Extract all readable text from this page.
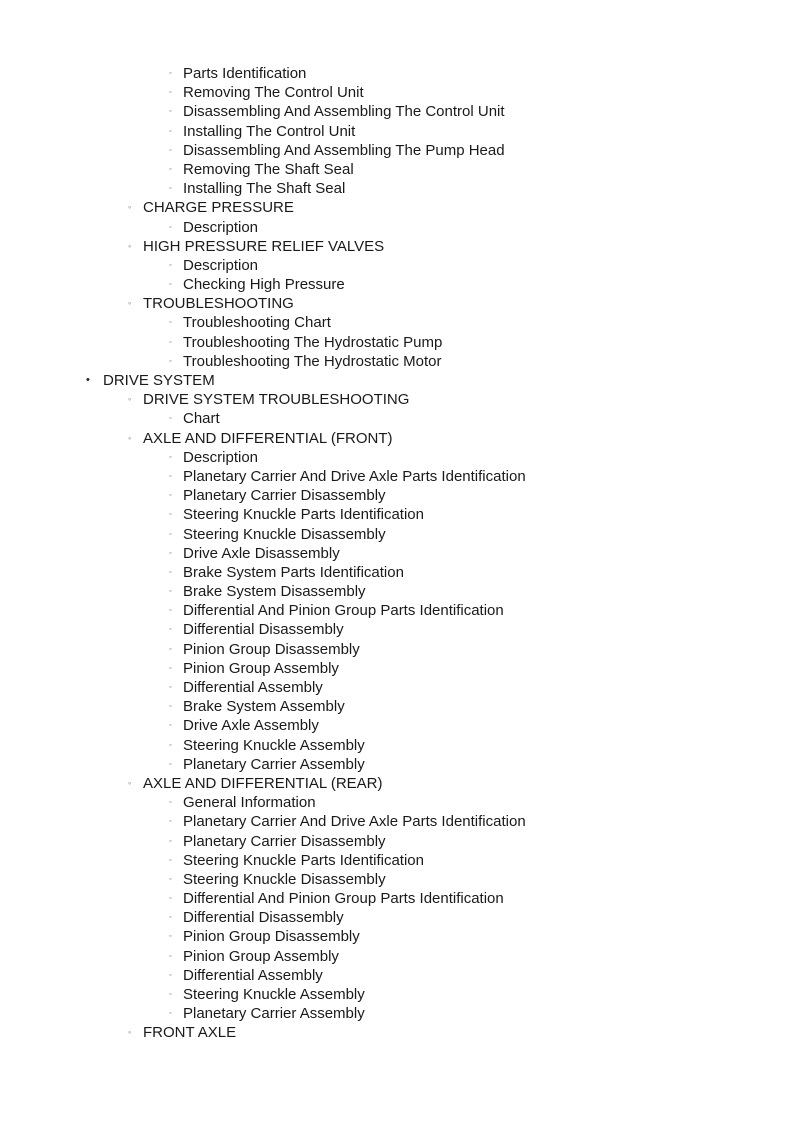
▫ Parts Identification
▫ Removing The Control Unit
▫ Disassembling And Assembling The Control Unit
▫ Installing The Control Unit
▫ Disassembling And Assembling The Pump Head
▫ Removing The Shaft Seal
▫ Installing The Shaft Seal
◦ CHARGE PRESSURE
▫ Description
◦ HIGH PRESSURE RELIEF VALVES
▫ Description
▫ Checking High Pressure
◦ TROUBLESHOOTING
▫ Troubleshooting Chart
▫ Troubleshooting The Hydrostatic Pump
▫ Troubleshooting The Hydrostatic Motor
• DRIVE SYSTEM
◦ DRIVE SYSTEM TROUBLESHOOTING
▫ Chart
◦ AXLE AND DIFFERENTIAL (FRONT)
▫ Description
▫ Planetary Carrier And Drive Axle Parts Identification
▫ Planetary Carrier Disassembly
▫ Steering Knuckle Parts Identification
▫ Steering Knuckle Disassembly
▫ Drive Axle Disassembly
▫ Brake System Parts Identification
▫ Brake System Disassembly
▫ Differential And Pinion Group Parts Identification
▫ Differential Disassembly
▫ Pinion Group Disassembly
▫ Pinion Group Assembly
▫ Differential Assembly
▫ Brake System Assembly
▫ Drive Axle Assembly
▫ Steering Knuckle Assembly
▫ Planetary Carrier Assembly
◦ AXLE AND DIFFERENTIAL (REAR)
▫ General Information
▫ Planetary Carrier And Drive Axle Parts Identification
▫ Planetary Carrier Disassembly
▫ Steering Knuckle Parts Identification
▫ Steering Knuckle Disassembly
▫ Differential And Pinion Group Parts Identification
▫ Differential Disassembly
▫ Pinion Group Disassembly
▫ Pinion Group Assembly
▫ Differential Assembly
▫ Steering Knuckle Assembly
▫ Planetary Carrier Assembly
◦ FRONT AXLE
